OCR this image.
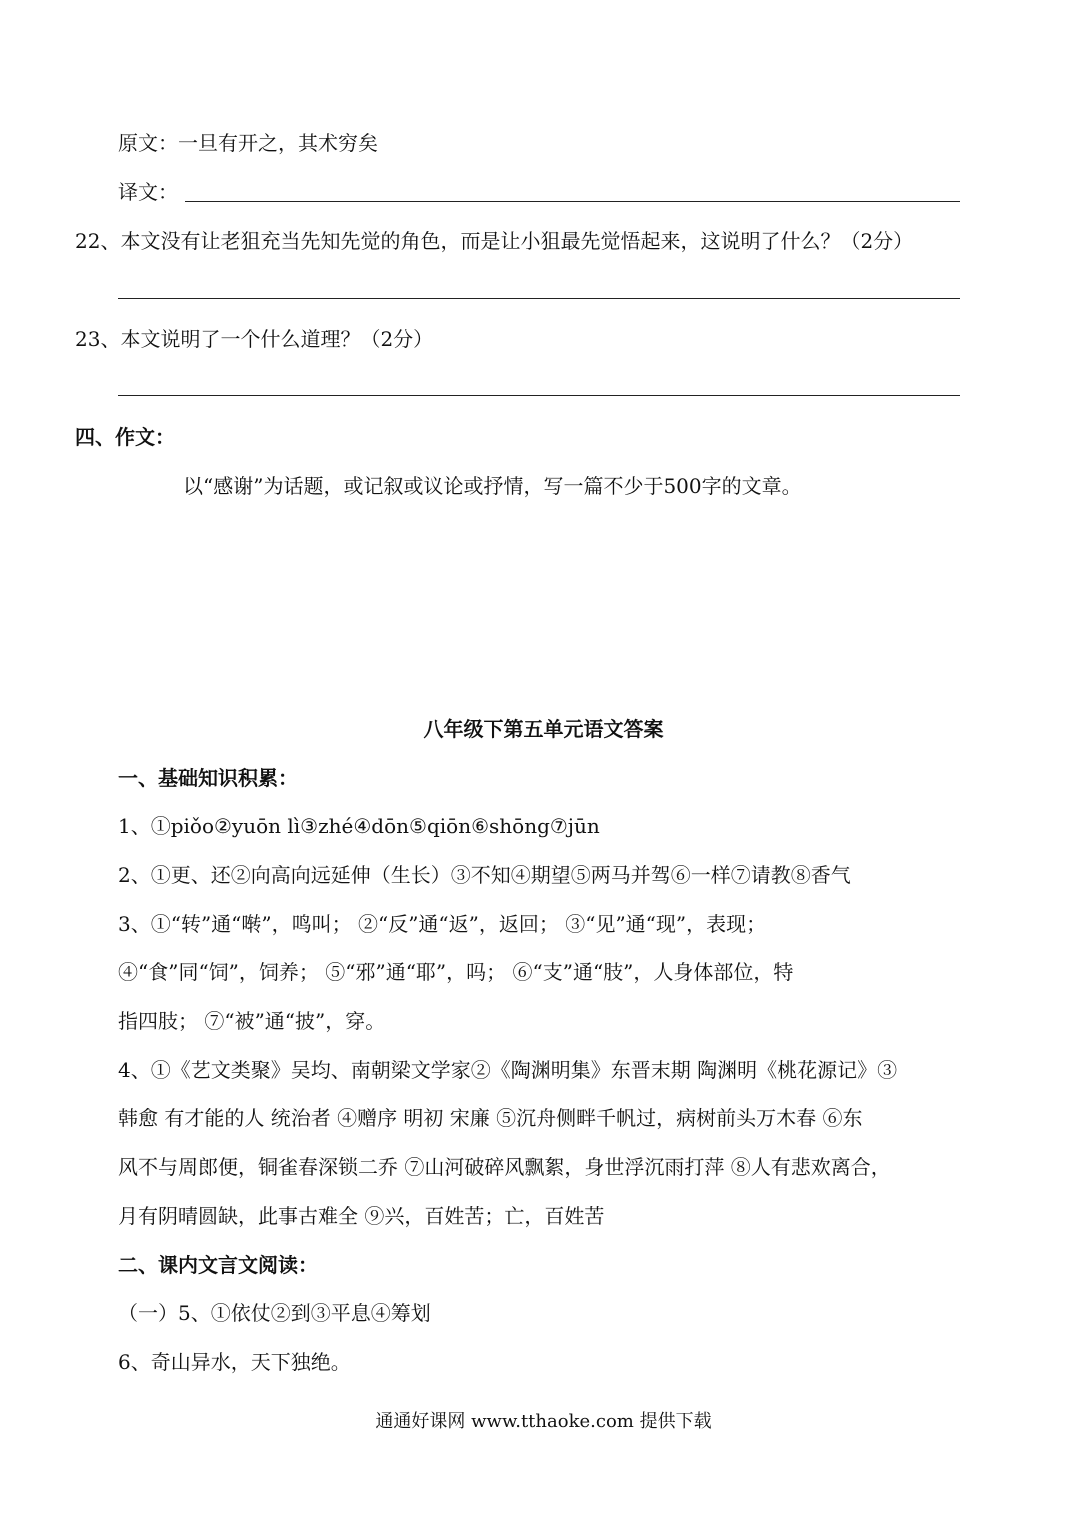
原文：一旦有开之，其术穷矣
译文：
22、本文没有让老狙充当先知先觉的角色，而是让小狙最先觉悟起来，这说明了什么？（2分）
23、本文说明了一个什么道理？（2分）
四、作文：
以“感谢”为话题，或记叙或议论或抒情，写一篇不少于500字的文章。
八年级下第五单元语文答案
一、基础知识积累：
1、①piǒo②yuōn lì③zhé④dōn⑤qiōn⑥shōng⑦jūn
2、①更、还②向高向远延伸（生长）③不知④期望⑤两马并驾⑥一样⑦请教⑧香气
3、①“转”通“啭”，鸣叫； ②“反”通“返”，返回； ③“见”通“现”，表现；
④“食”同“饲”，饲养； ⑤“邪”通“耶”，吗； ⑥“支”通“肢”，人身体部位，特
指四肢； ⑦“被”通“披”，穿。
4、①《艺文类聚》吴均、南朝梁文学家②《陶渊明集》东晋末期 陶渊明《桃花源记》③
韩愈 有才能的人 统治者 ④赠序 明初 宋廉 ⑤沉舟侧畔千帆过，病树前头万木春 ⑥东
风不与周郎便，铜雀春深锁二乔 ⑦山河破碎风飘絮，身世浮沉雨打萍 ⑧人有悲欢离合，
月有阴晴圆缺，此事古难全 ⑨兴，百姓苦；亡，百姓苦
二、课内文言文阅读：
（一）5、①依仗②到③平息④筹划
6、奇山异水，天下独绝。
通通好课网 www.tthaoke.com 提供下载
